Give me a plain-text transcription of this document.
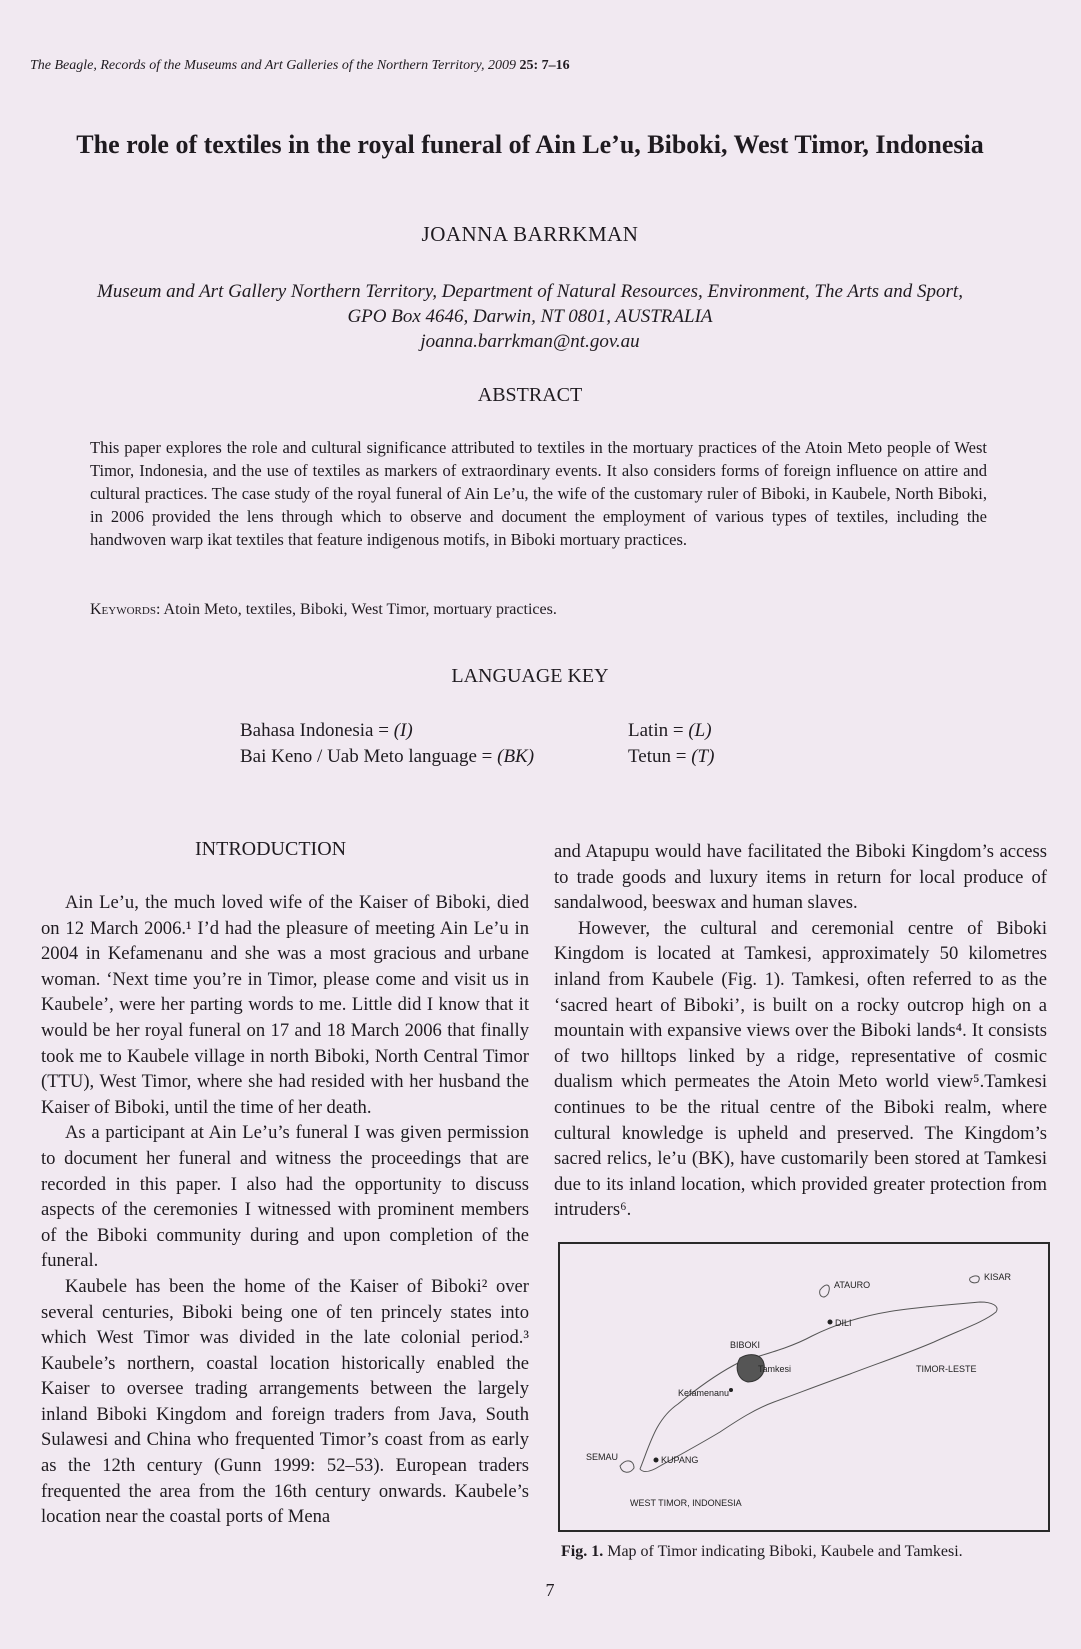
The Beagle, Records of the Museums and Art Galleries of the Northern Territory, 2009 25: 7–16
The role of textiles in the royal funeral of Ain Le’u, Biboki, West Timor, Indonesia
JOANNA BARRKMAN
Museum and Art Gallery Northern Territory, Department of Natural Resources, Environment, The Arts and Sport,
GPO Box 4646, Darwin, NT 0801, AUSTRALIA
joanna.barrkman@nt.gov.au
ABSTRACT
This paper explores the role and cultural significance attributed to textiles in the mortuary practices of the Atoin Meto people of West Timor, Indonesia, and the use of textiles as markers of extraordinary events. It also considers forms of foreign influence on attire and cultural practices. The case study of the royal funeral of Ain Le’u, the wife of the customary ruler of Biboki, in Kaubele, North Biboki, in 2006 provided the lens through which to observe and document the employment of various types of textiles, including the handwoven warp ikat textiles that feature indigenous motifs, in Biboki mortuary practices.
Keywords: Atoin Meto, textiles, Biboki, West Timor, mortuary practices.
LANGUAGE KEY
Bahasa Indonesia = (I)	Latin = (L)
Bai Keno / Uab Meto language = (BK)	Tetun = (T)
INTRODUCTION

Ain Le’u, the much loved wife of the Kaiser of Biboki, died on 12 March 2006.¹ I’d had the pleasure of meeting Ain Le’u in 2004 in Kefamenanu and she was a most gracious and urbane woman. ‘Next time you’re in Timor, please come and visit us in Kaubele’, were her parting words to me. Little did I know that it would be her royal funeral on 17 and 18 March 2006 that finally took me to Kaubele village in north Biboki, North Central Timor (TTU), West Timor, where she had resided with her husband the Kaiser of Biboki, until the time of her death.

As a participant at Ain Le’u’s funeral I was given permission to document her funeral and witness the proceedings that are recorded in this paper. I also had the opportunity to discuss aspects of the ceremonies I witnessed with prominent members of the Biboki community during and upon completion of the funeral.

Kaubele has been the home of the Kaiser of Biboki² over several centuries, Biboki being one of ten princely states into which West Timor was divided in the late colonial period.³ Kaubele’s northern, coastal location historically enabled the Kaiser to oversee trading arrangements between the largely inland Biboki Kingdom and foreign traders from Java, South Sulawesi and China who frequented Timor’s coast from as early as the 12th century (Gunn 1999: 52–53). European traders frequented the area from the 16th century onwards. Kaubele’s location near the coastal ports of Mena

and Atapupu would have facilitated the Biboki Kingdom’s access to trade goods and luxury items in return for local produce of sandalwood, beeswax and human slaves.

However, the cultural and ceremonial centre of Biboki Kingdom is located at Tamkesi, approximately 50 kilometres inland from Kaubele (Fig. 1). Tamkesi, often referred to as the ‘sacred heart of Biboki’, is built on a rocky outcrop high on a mountain with expansive views over the Biboki lands⁴. It consists of two hilltops linked by a ridge, representative of cosmic dualism which permeates the Atoin Meto world view⁵.Tamkesi continues to be the ritual centre of the Biboki realm, where cultural knowledge is upheld and preserved. The Kingdom’s sacred relics, le’u (BK), have customarily been stored at Tamkesi due to its inland location, which provided greater protection from intruders⁶.

ATAURO
KISAR
DILI
BIBOKI
Tamkesi	TIMOR-LESTE
Kefamenanu
SEMAU	KUPANG
WEST TIMOR, INDONESIA
Fig. 1. Map of Timor indicating Biboki, Kaubele and Tamkesi.
7
